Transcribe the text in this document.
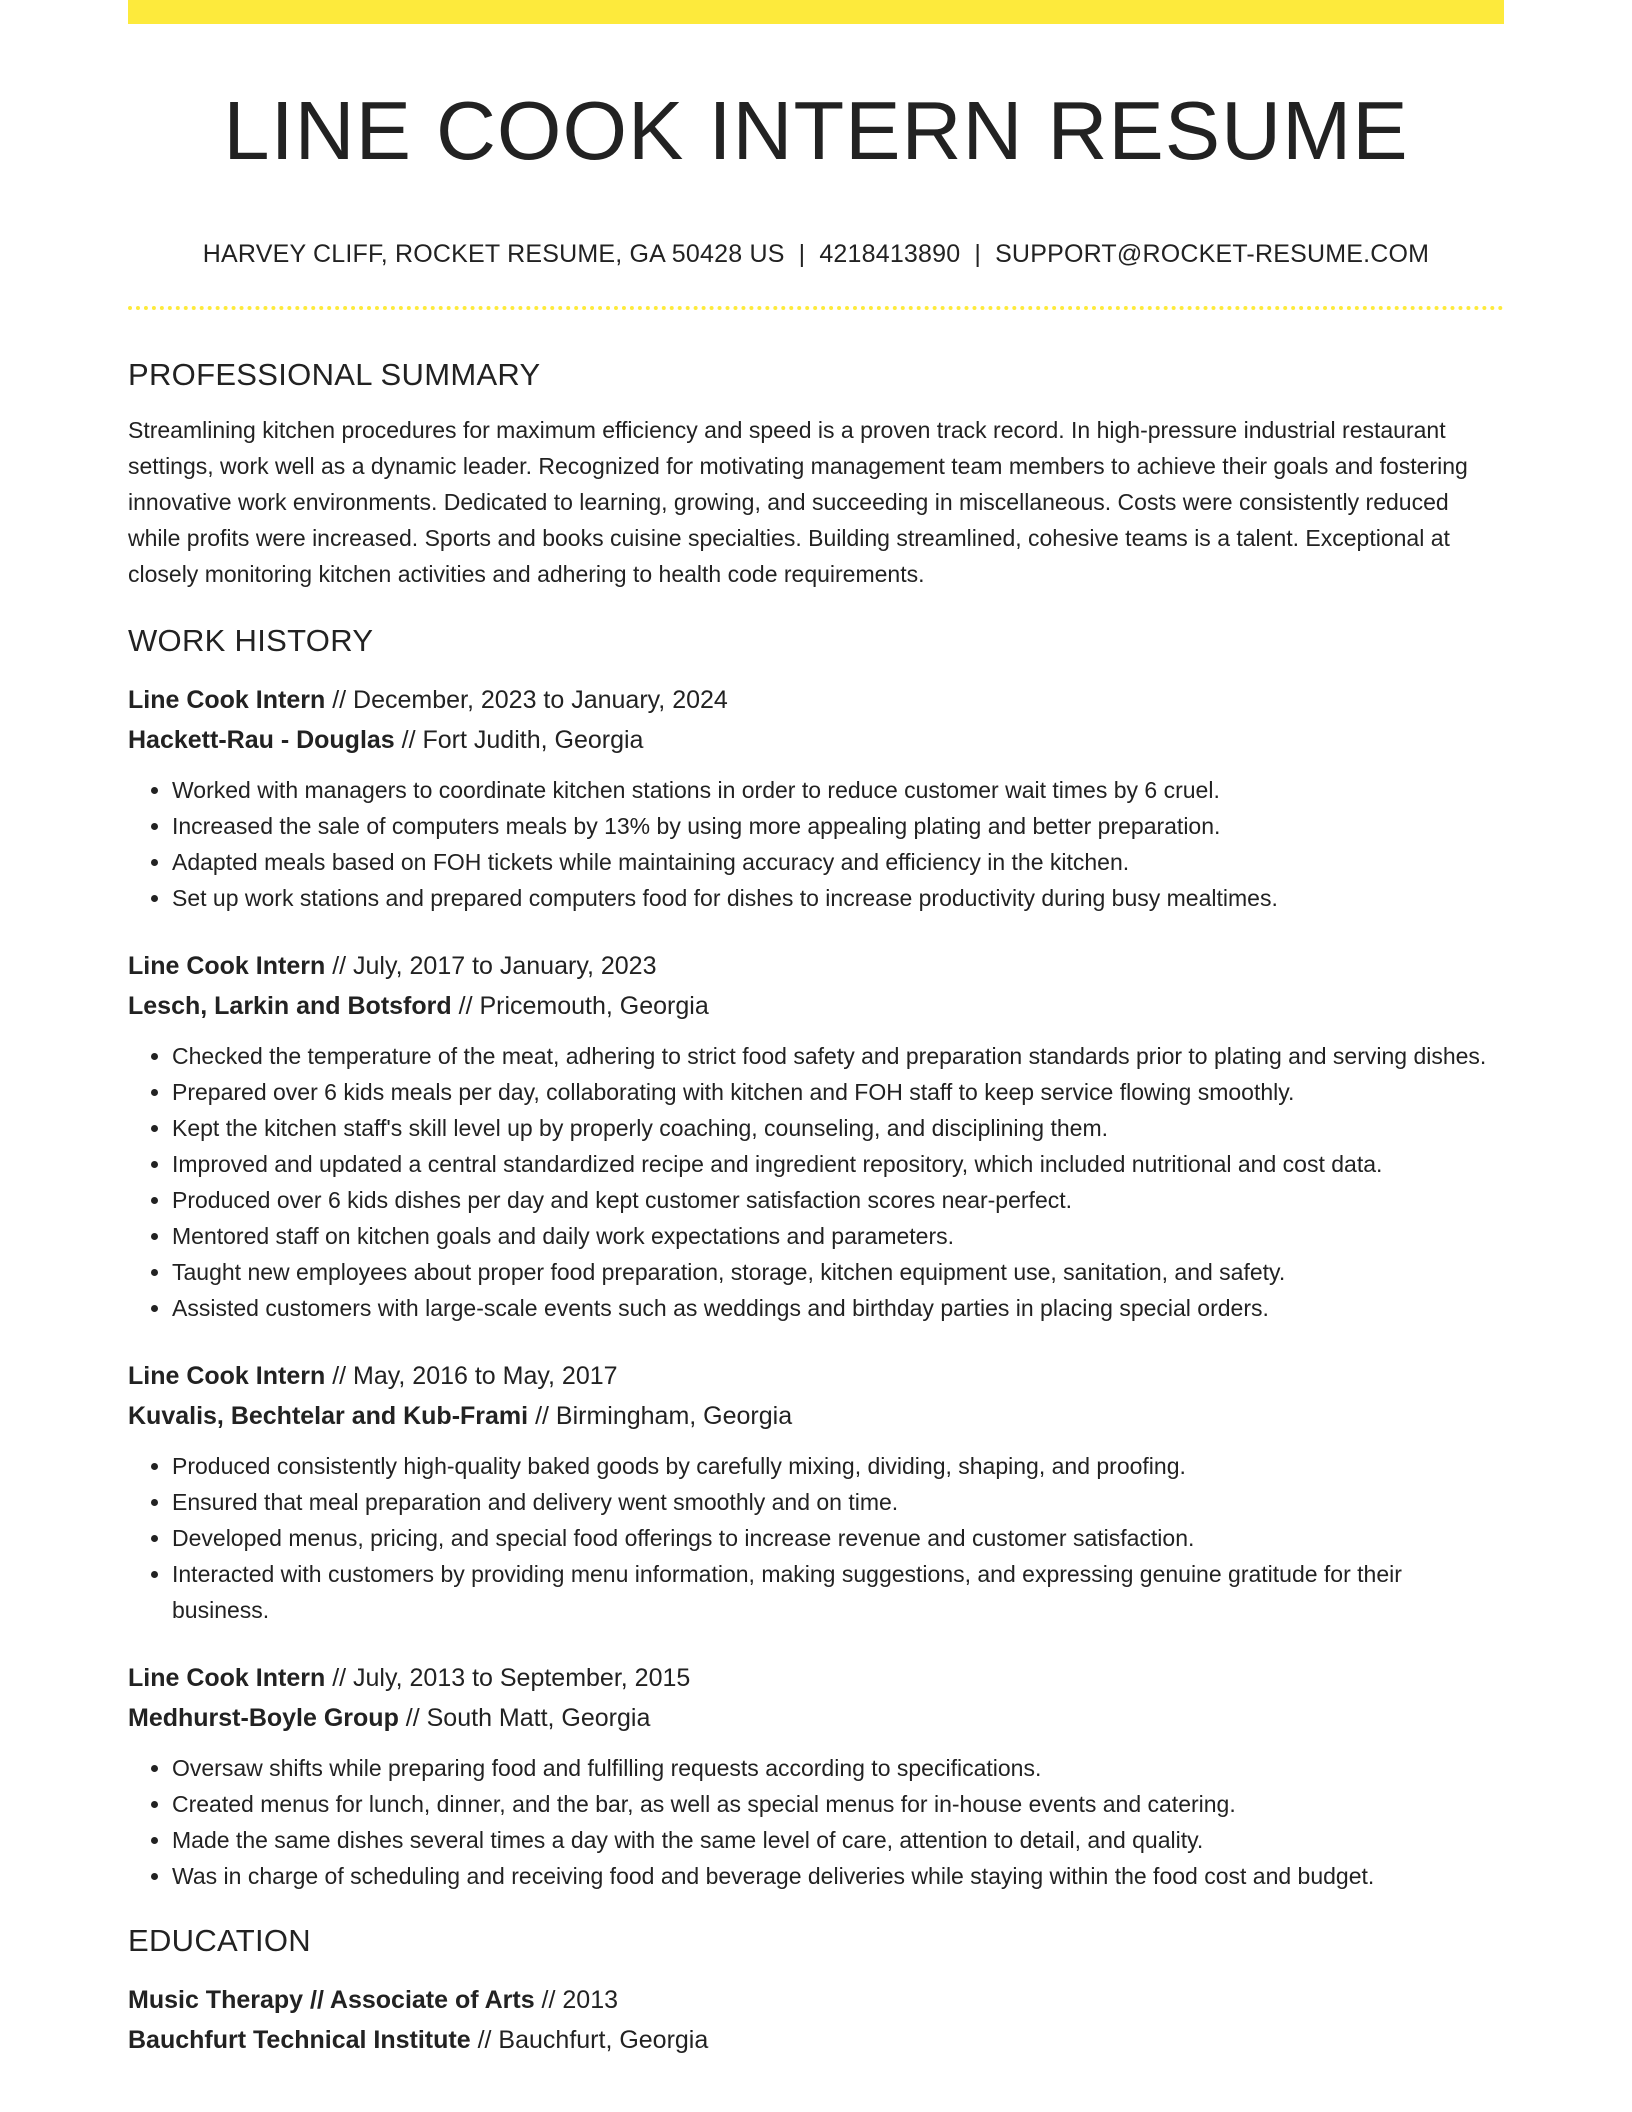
LINE COOK INTERN RESUME
HARVEY CLIFF, ROCKET RESUME, GA 50428 US | 4218413890 | SUPPORT@ROCKET-RESUME.COM
PROFESSIONAL SUMMARY

Streamlining kitchen procedures for maximum efficiency and speed is a proven track record. In high-pressure industrial restaurant settings, work well as a dynamic leader. Recognized for motivating management team members to achieve their goals and fostering innovative work environments. Dedicated to learning, growing, and succeeding in miscellaneous. Costs were consistently reduced while profits were increased. Sports and books cuisine specialties. Building streamlined, cohesive teams is a talent. Exceptional at closely monitoring kitchen activities and adhering to health code requirements.

WORK HISTORY
Line Cook Intern // December, 2023 to January, 2024
Hackett-Rau - Douglas // Fort Judith, Georgia
• Worked with managers to coordinate kitchen stations in order to reduce customer wait times by 6 cruel.
• Increased the sale of computers meals by 13% by using more appealing plating and better preparation.
• Adapted meals based on FOH tickets while maintaining accuracy and efficiency in the kitchen.
• Set up work stations and prepared computers food for dishes to increase productivity during busy mealtimes.
Line Cook Intern // July, 2017 to January, 2023
Lesch, Larkin and Botsford // Pricemouth, Georgia
• Checked the temperature of the meat, adhering to strict food safety and preparation standards prior to plating and serving dishes.
• Prepared over 6 kids meals per day, collaborating with kitchen and FOH staff to keep service flowing smoothly.
• Kept the kitchen staff's skill level up by properly coaching, counseling, and disciplining them.
• Improved and updated a central standardized recipe and ingredient repository, which included nutritional and cost data.
• Produced over 6 kids dishes per day and kept customer satisfaction scores near-perfect.
• Mentored staff on kitchen goals and daily work expectations and parameters.
• Taught new employees about proper food preparation, storage, kitchen equipment use, sanitation, and safety.
• Assisted customers with large-scale events such as weddings and birthday parties in placing special orders.
Line Cook Intern // May, 2016 to May, 2017
Kuvalis, Bechtelar and Kub-Frami // Birmingham, Georgia
• Produced consistently high-quality baked goods by carefully mixing, dividing, shaping, and proofing.
• Ensured that meal preparation and delivery went smoothly and on time.
• Developed menus, pricing, and special food offerings to increase revenue and customer satisfaction.
• Interacted with customers by providing menu information, making suggestions, and expressing genuine gratitude for their business.
Line Cook Intern // July, 2013 to September, 2015
Medhurst-Boyle Group // South Matt, Georgia
• Oversaw shifts while preparing food and fulfilling requests according to specifications.
• Created menus for lunch, dinner, and the bar, as well as special menus for in-house events and catering.
• Made the same dishes several times a day with the same level of care, attention to detail, and quality.
• Was in charge of scheduling and receiving food and beverage deliveries while staying within the food cost and budget.
EDUCATION
Music Therapy // Associate of Arts // 2013
Bauchfurt Technical Institute // Bauchfurt, Georgia
